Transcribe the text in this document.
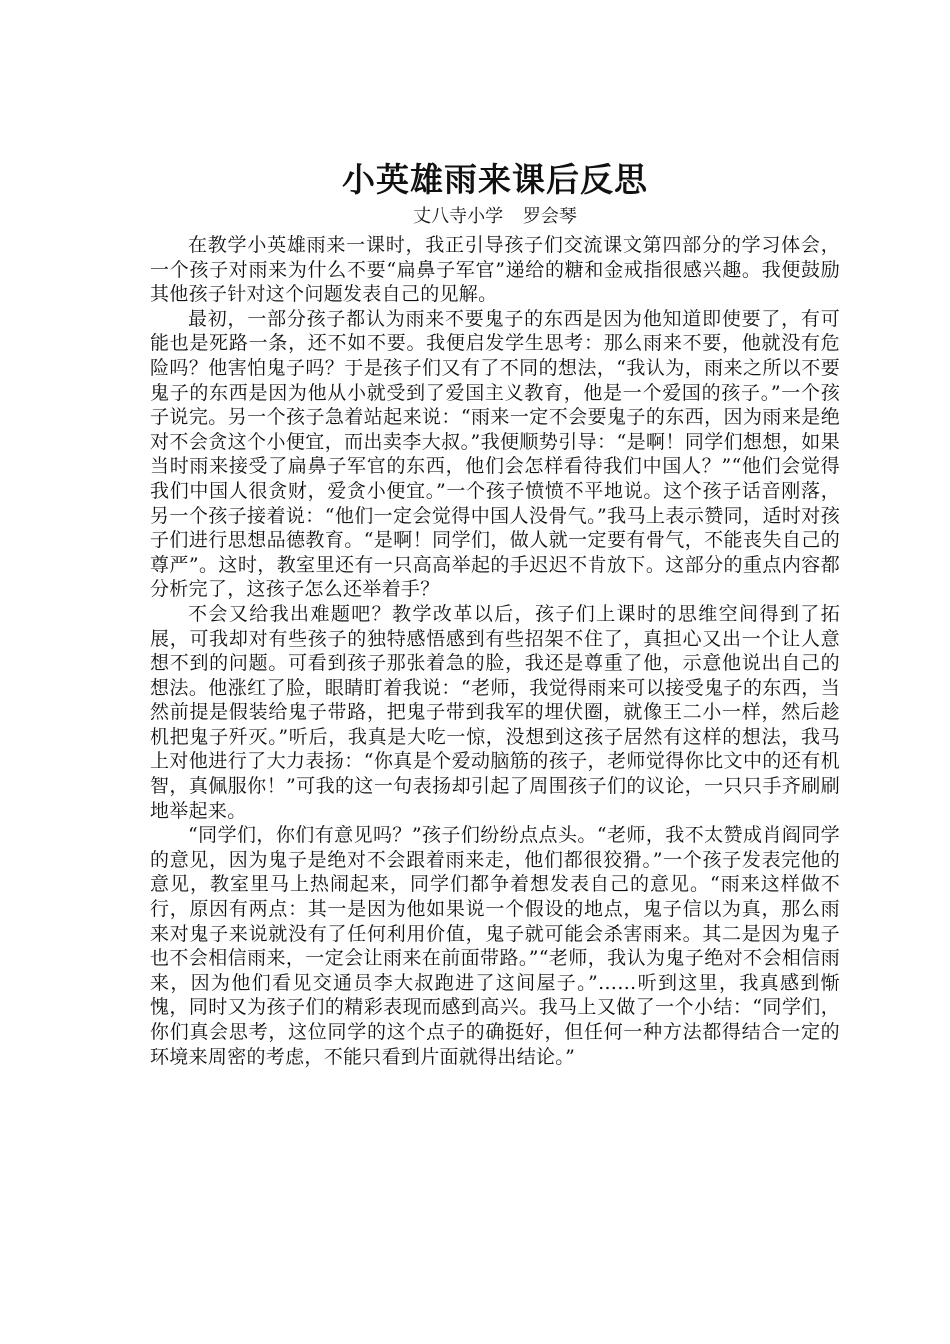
小英雄雨来课后反思

丈八寺小学 罗会琴

在教学小英雄雨来一课时，我正引导孩子们交流课文第四部分的学习体会，一个孩子对雨来为什么不要“扁鼻子军官”递给的糖和金戒指很感兴趣。我便鼓励其他孩子针对这个问题发表自己的见解。

最初，一部分孩子都认为雨来不要鬼子的东西是因为他知道即使要了，有可能也是死路一条，还不如不要。我便启发学生思考：那么雨来不要，他就没有危险吗？他害怕鬼子吗？于是孩子们又有了不同的想法，“我认为，雨来之所以不要鬼子的东西是因为他从小就受到了爱国主义教育，他是一个爱国的孩子。”一个孩子说完。另一个孩子急着站起来说：“雨来一定不会要鬼子的东西，因为雨来是绝对不会贪这个小便宜，而出卖李大叔。”我便顺势引导：“是啊！同学们想想，如果当时雨来接受了扁鼻子军官的东西，他们会怎样看待我们中国人？”“他们会觉得我们中国人很贪财，爱贪小便宜。”一个孩子愤愤不平地说。这个孩子话音刚落，另一个孩子接着说：“他们一定会觉得中国人没骨气。”我马上表示赞同，适时对孩子们进行思想品德教育。“是啊！同学们，做人就一定要有骨气，不能丧失自己的尊严”。这时，教室里还有一只高高举起的手迟迟不肯放下。这部分的重点内容都分析完了，这孩子怎么还举着手？

不会又给我出难题吧？教学改革以后，孩子们上课时的思维空间得到了拓展，可我却对有些孩子的独特感悟感到有些招架不住了，真担心又出一个让人意想不到的问题。可看到孩子那张着急的脸，我还是尊重了他，示意他说出自己的想法。他涨红了脸，眼睛盯着我说：“老师，我觉得雨来可以接受鬼子的东西，当然前提是假装给鬼子带路，把鬼子带到我军的埋伏圈，就像王二小一样，然后趁机把鬼子歼灭。”听后，我真是大吃一惊，没想到这孩子居然有这样的想法，我马上对他进行了大力表扬：“你真是个爱动脑筋的孩子，老师觉得你比文中的还有机智，真佩服你！”可我的这一句表扬却引起了周围孩子们的议论，一只只手齐刷刷地举起来。

“同学们，你们有意见吗？”孩子们纷纷点点头。“老师，我不太赞成肖阎同学的意见，因为鬼子是绝对不会跟着雨来走，他们都很狡猾。”一个孩子发表完他的意见，教室里马上热闹起来，同学们都争着想发表自己的意见。“雨来这样做不行，原因有两点：其一是因为他如果说一个假设的地点，鬼子信以为真，那么雨来对鬼子来说就没有了任何利用价值，鬼子就可能会杀害雨来。其二是因为鬼子也不会相信雨来，一定会让雨来在前面带路。”“老师，我认为鬼子绝对不会相信雨来，因为他们看见交通员李大叔跑进了这间屋子。”……听到这里，我真感到惭愧，同时又为孩子们的精彩表现而感到高兴。我马上又做了一个小结：“同学们，你们真会思考，这位同学的这个点子的确挺好，但任何一种方法都得结合一定的环境来周密的考虑，不能只看到片面就得出结论。”
